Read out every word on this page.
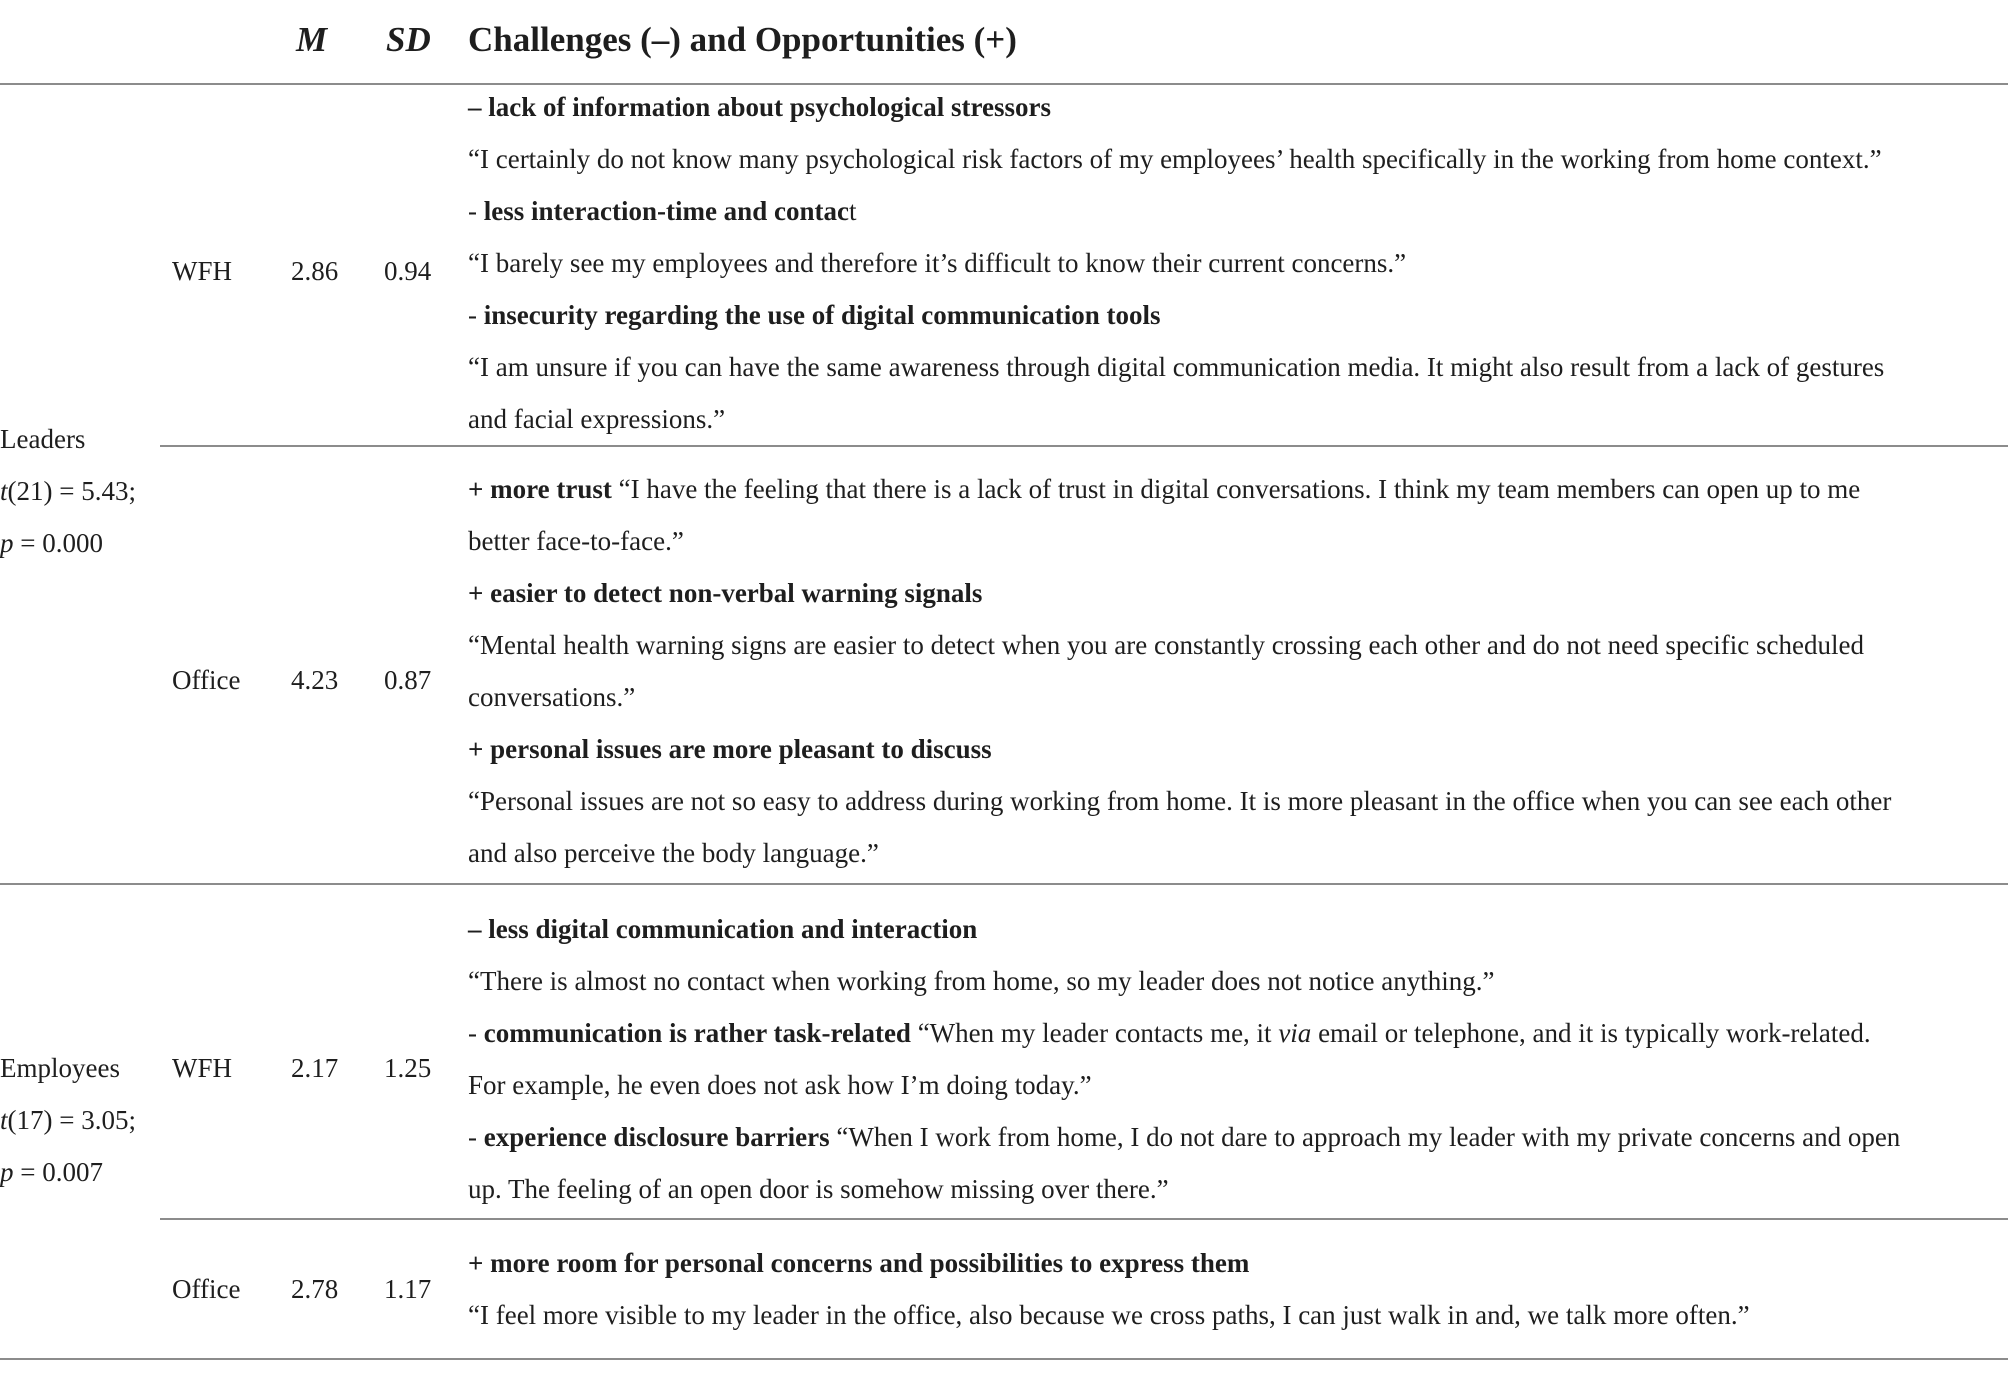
M SD Challenges (–) and Opportunities (+)
Leaders
t(21) = 5.43;
p = 0.000
WFH 2.86 0.94
– lack of information about psychological stressors
“I certainly do not know many psychological risk factors of my employees’ health specifically in the working from home context.”
- less interaction-time and contact
“I barely see my employees and therefore it’s difficult to know their current concerns.”
- insecurity regarding the use of digital communication tools
“I am unsure if you can have the same awareness through digital communication media. It might also result from a lack of gestures
and facial expressions.”
Office 4.23 0.87
+ more trust “I have the feeling that there is a lack of trust in digital conversations. I think my team members can open up to me
better face-to-face.”
+ easier to detect non-verbal warning signals
“Mental health warning signs are easier to detect when you are constantly crossing each other and do not need specific scheduled
conversations.”
+ personal issues are more pleasant to discuss
“Personal issues are not so easy to address during working from home. It is more pleasant in the office when you can see each other
and also perceive the body language.”
Employees
t(17) = 3.05;
p = 0.007
WFH 2.17 1.25
– less digital communication and interaction
“There is almost no contact when working from home, so my leader does not notice anything.”
- communication is rather task-related “When my leader contacts me, it via email or telephone, and it is typically work-related.
For example, he even does not ask how I’m doing today.”
- experience disclosure barriers “When I work from home, I do not dare to approach my leader with my private concerns and open
up. The feeling of an open door is somehow missing over there.”
Office 2.78 1.17
+ more room for personal concerns and possibilities to express them
“I feel more visible to my leader in the office, also because we cross paths, I can just walk in and, we talk more often.”
